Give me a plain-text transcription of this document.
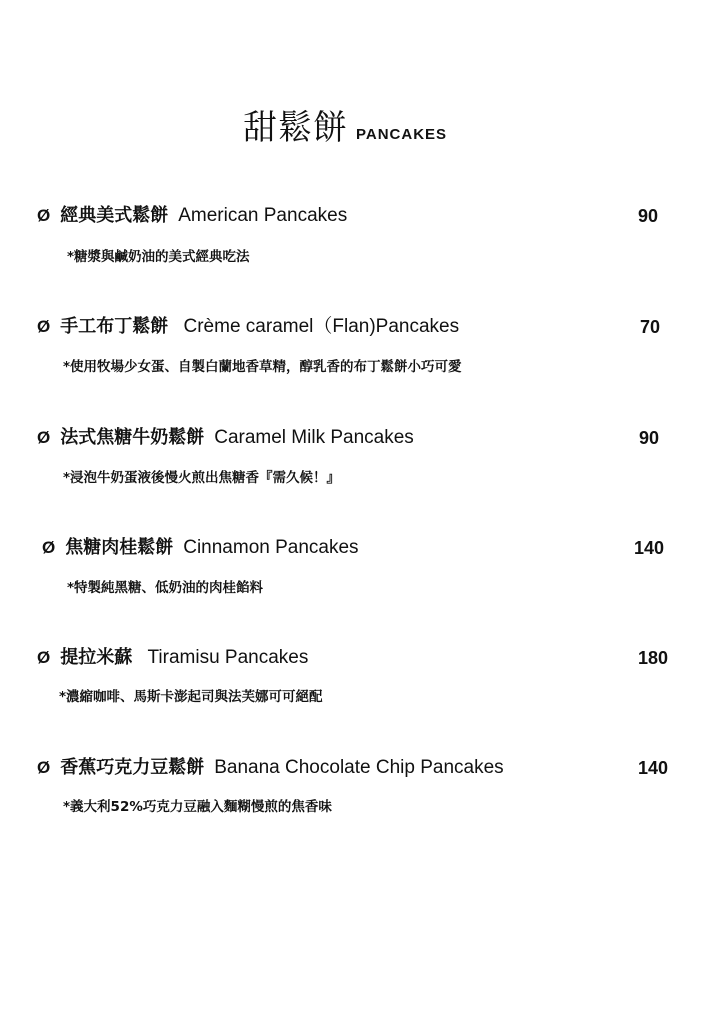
甜鬆餅 PANCAKES
Ø 經典美式鬆餅 American Pancakes	90
*糖漿與鹹奶油的美式經典吃法
Ø 手工布丁鬆餅 Crème caramel（Flan)Pancakes	70
*使用牧場少女蛋、自製白蘭地香草精，醇乳香的布丁鬆餅小巧可愛
Ø 法式焦糖牛奶鬆餅 Caramel Milk Pancakes	90
*浸泡牛奶蛋液後慢火煎出焦糖香『需久候！』
Ø 焦糖肉桂鬆餅 Cinnamon Pancakes	140
*特製純黑糖、低奶油的肉桂餡料
Ø 提拉米蘇 Tiramisu Pancakes	180
*濃縮咖啡、馬斯卡澎起司與法芙娜可可絕配
Ø 香蕉巧克力豆鬆餅 Banana Chocolate Chip Pancakes	140
*義大利52%巧克力豆融入麵糊慢煎的焦香味
